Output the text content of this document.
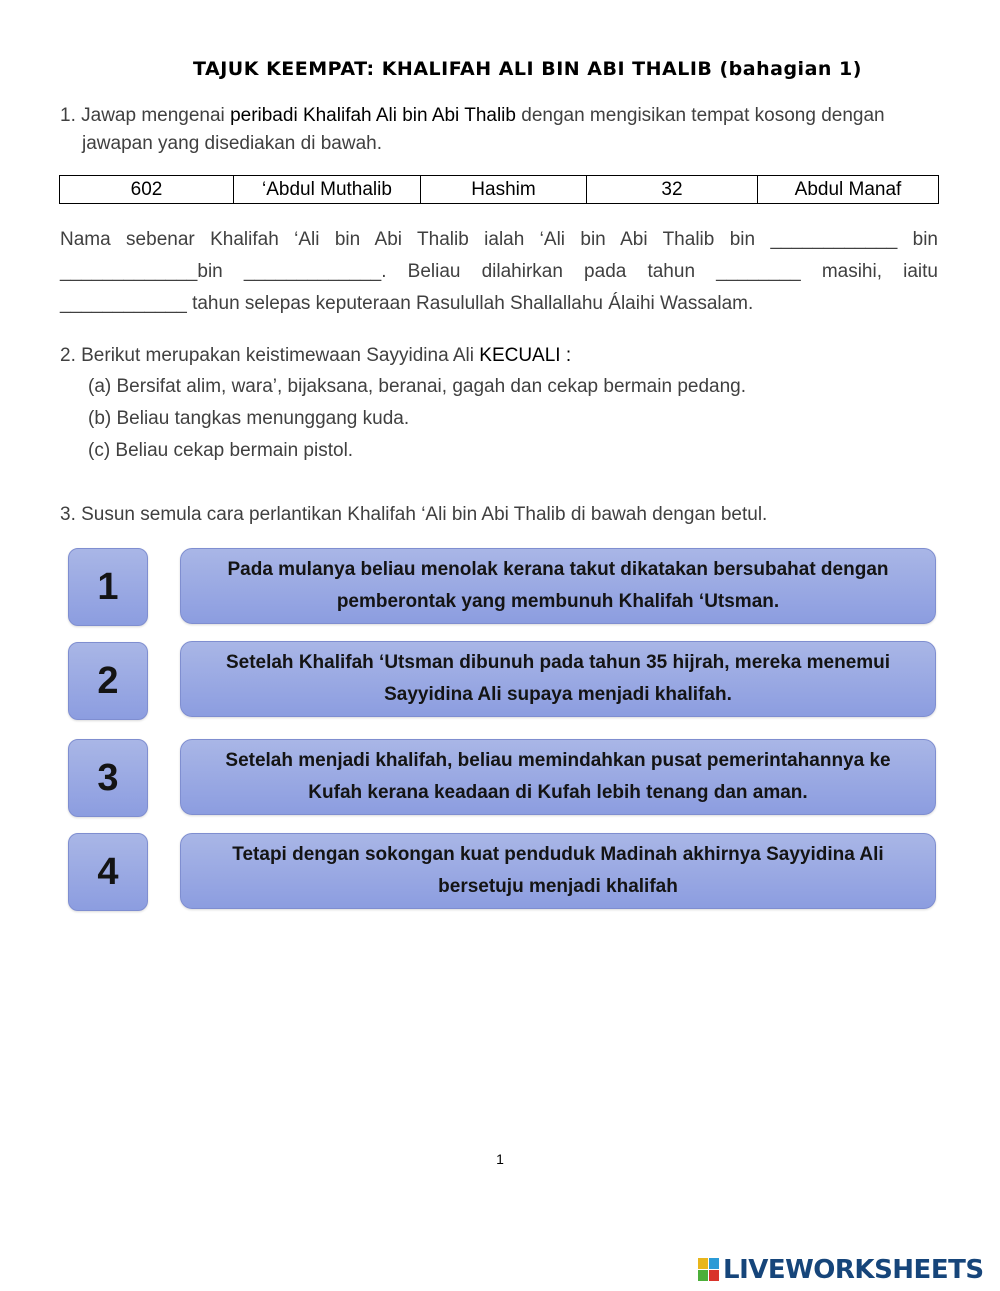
TAJUK KEEMPAT: KHALIFAH ALI BIN ABI THALIB (bahagian 1)
1. Jawap mengenai peribadi Khalifah Ali bin Abi Thalib dengan mengisikan tempat kosong dengan
jawapan yang disediakan di bawah.
602	‘Abdul Muthalib	Hashim	32	Abdul Manaf
Nama sebenar Khalifah ‘Ali bin Abi Thalib ialah ‘Ali bin Abi Thalib bin ____________ bin _____________bin _____________. Beliau dilahirkan pada tahun ________ masihi, iaitu ____________ tahun selepas keputeraan Rasulullah Shallallahu Álaihi Wassalam.
2. Berikut merupakan keistimewaan Sayyidina Ali KECUALI :
(a) Bersifat alim, wara’, bijaksana, beranai, gagah dan cekap bermain pedang.
(b) Beliau tangkas menunggang kuda.
(c) Beliau cekap bermain pistol.
3. Susun semula cara perlantikan Khalifah ‘Ali bin Abi Thalib di bawah dengan betul.
1	Pada mulanya beliau menolak kerana takut dikatakan bersubahat dengan
pemberontak yang membunuh Khalifah ‘Utsman.
2	Setelah Khalifah ‘Utsman dibunuh pada tahun 35 hijrah, mereka menemui
Sayyidina Ali supaya menjadi khalifah.
3	Setelah menjadi khalifah, beliau memindahkan pusat pemerintahannya ke
Kufah kerana keadaan di Kufah lebih tenang dan aman.
4	Tetapi dengan sokongan kuat penduduk Madinah akhirnya Sayyidina Ali
bersetuju menjadi khalifah
1
LIVEWORKSHEETS
